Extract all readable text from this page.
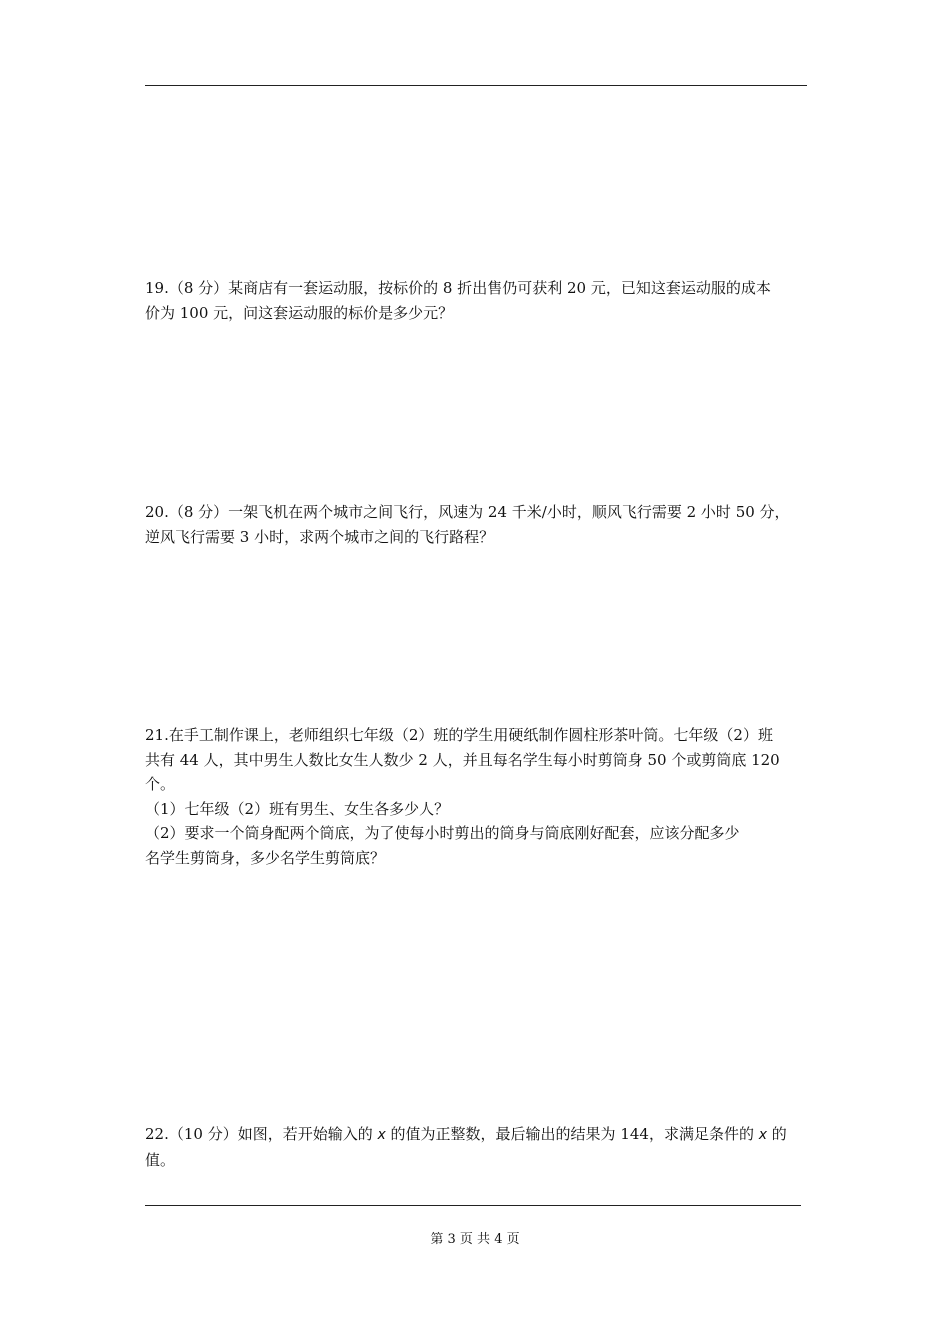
19.（8 分）某商店有一套运动服，按标价的 8 折出售仍可获利 20 元，已知这套运动服的成本

价为 100 元，问这套运动服的标价是多少元？

20.（8 分）一架飞机在两个城市之间飞行，风速为 24 千米/小时，顺风飞行需要 2 小时 50 分，

逆风飞行需要 3 小时，求两个城市之间的飞行路程？

21.在手工制作课上，老师组织七年级（2）班的学生用硬纸制作圆柱形茶叶筒。七年级（2）班

共有 44 人，其中男生人数比女生人数少 2 人，并且每名学生每小时剪筒身 50 个或剪筒底 120

个。

（1）七年级（2）班有男生、女生各多少人？

（2）要求一个筒身配两个筒底，为了使每小时剪出的筒身与筒底刚好配套，应该分配多少

名学生剪筒身，多少名学生剪筒底？

22.（10 分）如图，若开始输入的 x 的值为正整数，最后输出的结果为 144，求满足条件的 x 的

值。

第 3 页 共 4 页
